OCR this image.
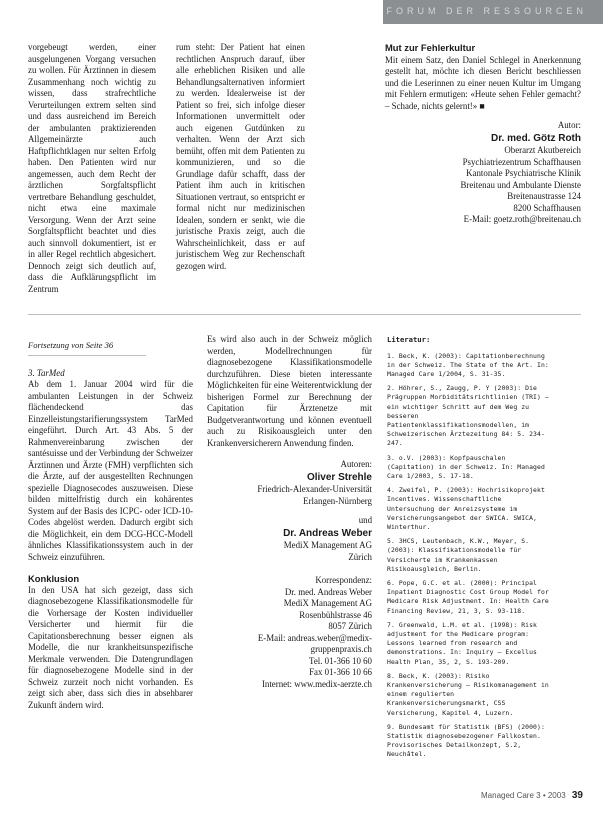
FORUM DER RESSOURCEN

vorgebeugt werden, einer ausgelungenen Vorgang versuchen zu wollen. Für Ärztinnen in diesem Zusammenhang noch wichtig zu wissen, dass strafrechtliche Verurteilungen extrem selten sind und dass ausreichend im Bereich der ambulanten praktizierenden Allgemeinärzte auch Haftpflichtklagen nur selten Erfolg haben. Den Patienten wird nur angemessen, auch dem Recht der ärztlichen Sorgfaltspflicht vertretbare Behandlung geschuldet, nicht etwa eine maximale Versorgung. Wenn der Arzt seine Sorgfaltspflicht beachtet und dies auch sinnvoll dokumentiert, ist er in aller Regel rechtlich abgesichert. Dennoch zeigt sich deutlich auf, dass die Aufklärungspflicht im Zentrum

rum steht: Der Patient hat einen rechtlichen Anspruch darauf, über alle erheblichen Risiken und alle Behandlungsalternativen informiert zu werden. Idealerweise ist der Patient so frei, sich infolge dieser Informationen unvermittelt oder auch eigenen Gutdünken zu verhalten. Wenn der Arzt sich bemüht, offen mit dem Patienten zu kommunizieren, und so die Grundlage dafür schafft, dass der Patient ihm auch in kritischen Situationen vertraut, so entspricht er formal nicht nur medizinischen Idealen, sondern er senkt, wie die juristische Praxis zeigt, auch die Wahrscheinlichkeit, dass er auf juristischem Weg zur Rechenschaft gezogen wird.

Mut zur Fehlerkultur

Mit einem Satz, den Daniel Schlegel in Anerkennung gestellt hat, möchte ich diesen Bericht beschliessen und die Leserinnen zu einer neuen Kultur im Umgang mit Fehlern ermutigen: «Heute sehen Fehler gemacht? – Schade, nichts gelernt!» ■

Autor:
Dr. med. Götz Roth
Oberarzt Akutbereich
Psychiatriezentrum Schaffhausen
Kantonale Psychiatrische Klinik
Breitenau und Ambulante Dienste
Breitenaustrasse 124
8200 Schaffhausen
E-Mail: goetz.roth@breitenau.ch
Fortsetzung von Seite 36

3. TarMed

Ab dem 1. Januar 2004 wird für die ambulanten Leistungen in der Schweiz flächendeckend das Einzelleistungstarifierungssystem TarMed eingeführt. Durch Art. 43 Abs. 5 der Rahmenvereinbarung zwischen der santésuisse und der Verbindung der Schweizer Ärztinnen und Ärzte (FMH) verpflichten sich die Ärzte, auf der ausgestellten Rechnungen spezielle Diagnosecodes auszuweisen. Diese bilden mittelfristig durch ein kohärentes System auf der Basis des ICPC- oder ICD-10-Codes abgelöst werden. Dadurch ergibt sich die Möglichkeit, ein dem DCG-HCC-Modell ähnliches Klassifikationssystem auch in der Schweiz einzuführen.

Konklusion

In den USA hat sich gezeigt, dass sich diagnosebezogene Klassifikationsmodelle für die Vorhersage der Kosten individueller Versicherter und hiermit für die Capitationsberechnung besser eignen als Modelle, die nur krankheitsunspezifische Merkmale verwenden. Die Datengrundlagen für diagnosebezogene Modelle sind in der Schweiz zurzeit noch nicht vorhanden. Es zeigt sich aber, dass sich dies in absehbarer Zukunft ändern wird.

Es wird also auch in der Schweiz möglich werden, Modellrechnungen für diagnosebezogene Klassifikationsmodelle durchzuführen. Diese bieten interessante Möglichkeiten für eine Weiterentwicklung der bisherigen Formel zur Berechnung der Capitation für Ärztenetze mit Budgetverantwortung und können eventuell auch zu Risikoausgleich unter den Krankenversicherern Anwendung finden.

Autoren:
Oliver Strehle
Friedrich-Alexander-Universität
Erlangen-Nürnberg
und
Dr. Andreas Weber
MediX Management AG
Zürich
Korrespondenz:
Dr. med. Andreas Weber
MediX Management AG
Rosenbühlstrasse 46
8057 Zürich
E-Mail: andreas.weber@medix-
gruppenpraxis.ch
Tel. 01-366 10 60
Fax 01-366 10 66
Internet: www.medix-aerzte.ch
Literatur:
1. Beck, K. (2003): Capitationberechnung in der Schweiz. The State of the Art. In: Managed Care 1/2004, S. 31-35.
2. Höhrer, S., Zaugg, P. Y (2003): Die Prägruppen Morbiditätsrichtlinien (TRI) – ein wichtiger Schritt auf dem Weg zu besseren Patientenklassifikationsmodellen, im Schweizerischen Ärztezeitung 84: 5. 234-247.
3. o.V. (2003): Kopfpauschalen (Capitation) in der Schweiz. In: Managed Care 1/2003, S. 17-18.
4. Zweifel, P. (2003): Hochrisikoprojekt Incentives. Wissenschaftliche Untersuchung der Anreizsysteme im Versicherungsangebot der SWICA. SWICA, Winterthur.
5. 3HCS, Leutenbach, K.W., Meyer, S. (2003): Klassifikationsmodelle für Versicherte im Krankenkassen Risikoausgleich, Berlin.
6. Pope, G.C. et al. (2000): Principal Inpatient Diagnostic Cost Group Model for Medicare Risk Adjustment. In: Health Care Financing Review, 21, 3, S. 93-118.
7. Greenwald, L.M. et al. (1998): Risk adjustment for the Medicare program: Lessons learned from research and demonstrations. In: Inquiry – Excellus Health Plan, 35, 2, S. 193-209.
8. Beck, K. (2003): Risiko Krankenversicherung – Risikomanagement in einem regulierten Krankenversicherungsmarkt, CSS Versicherung, Kapitel 4, Luzern.
9. Bundesamt für Statistik (BFS) (2000): Statistik diagnosebezogener Fallkosten. Provisorisches Detailkonzept, S.2, Neuchâtel.
Managed Care 3 • 2003 39
